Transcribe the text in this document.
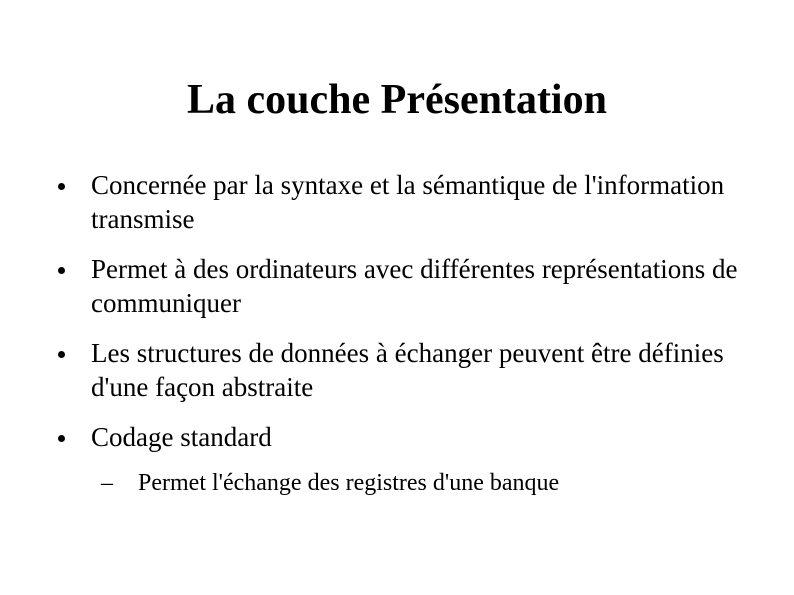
La couche Présentation
Concernée par la syntaxe et la sémantique de l'information transmise
Permet à des ordinateurs avec différentes représentations de communiquer
Les structures de données à échanger peuvent être définies d'une façon abstraite
Codage standard
– Permet l'échange des registres d'une banque
